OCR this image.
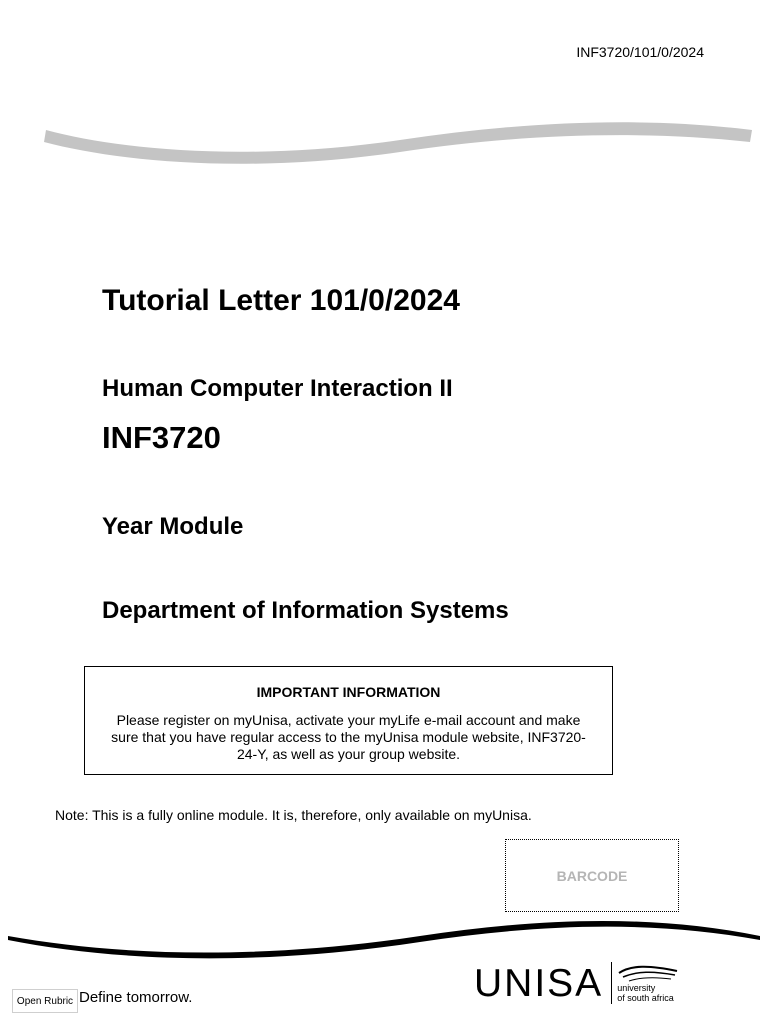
INF3720/101/0/2024
Tutorial Letter 101/0/2024
Human Computer Interaction II
INF3720
Year Module
Department of Information Systems
IMPORTANT INFORMATION
Please register on myUnisa, activate your myLife e-mail account and make sure that you have regular access to the myUnisa module website, INF3720-24-Y, as well as your group website.
Note: This is a fully online module. It is, therefore, only available on myUnisa.
BARCODE
Open Rubric Define tomorrow.	UNISA university
of south africa
